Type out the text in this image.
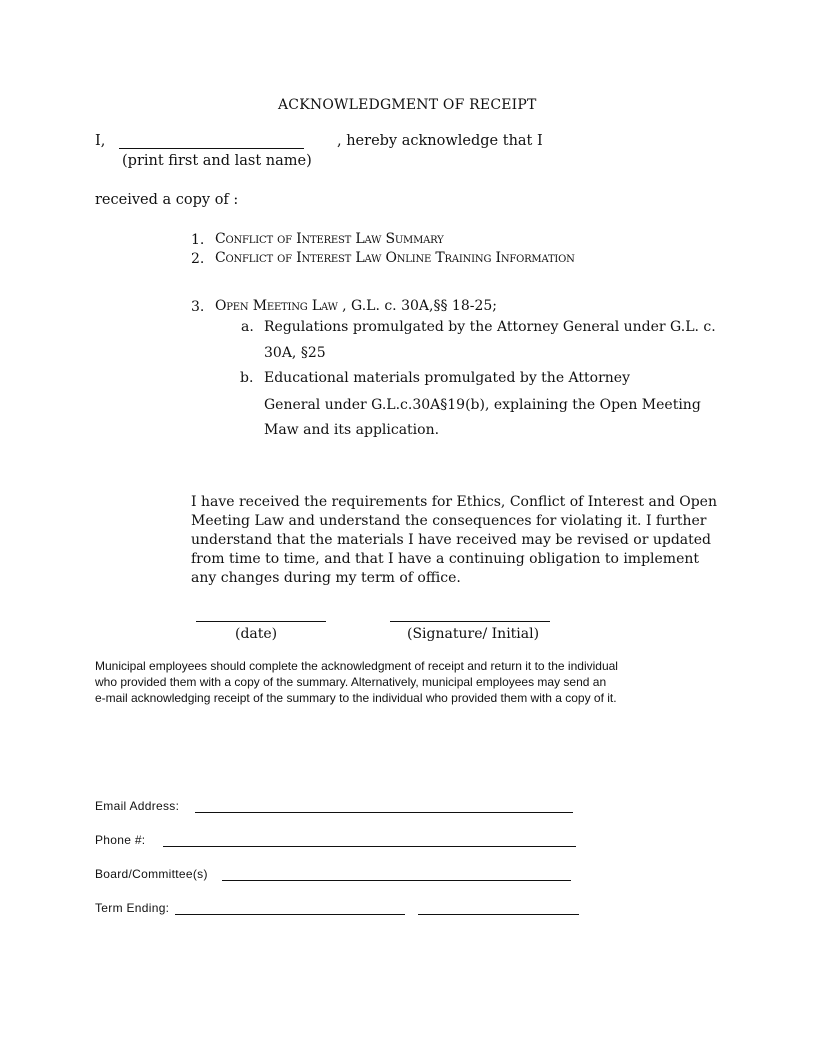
ACKNOWLEDGMENT OF RECEIPT
I,	, hereby acknowledge that I
(print first and last name)
received a copy of :
1. Conflict of Interest Law Summary
2. Conflict of Interest Law Online Training Information
3. Open Meeting Law , G.L. c. 30A,§§ 18-25;
a. Regulations promulgated by the Attorney General under G.L. c.
30A, §25
b. Educational materials promulgated by the Attorney
General under G.L.c.30A§19(b), explaining the Open Meeting
Maw and its application.
I have received the requirements for Ethics, Conflict of Interest and Open
Meeting Law and understand the consequences for violating it. I further
understand that the materials I have received may be revised or updated
from time to time, and that I have a continuing obligation to implement
any changes during my term of office.
(date)	(Signature/ Initial)
Municipal employees should complete the acknowledgment of receipt and return it to the individual
who provided them with a copy of the summary. Alternatively, municipal employees may send an
e-mail acknowledging receipt of the summary to the individual who provided them with a copy of it.
Email Address:
Phone #:
Board/Committee(s)
Term Ending:
